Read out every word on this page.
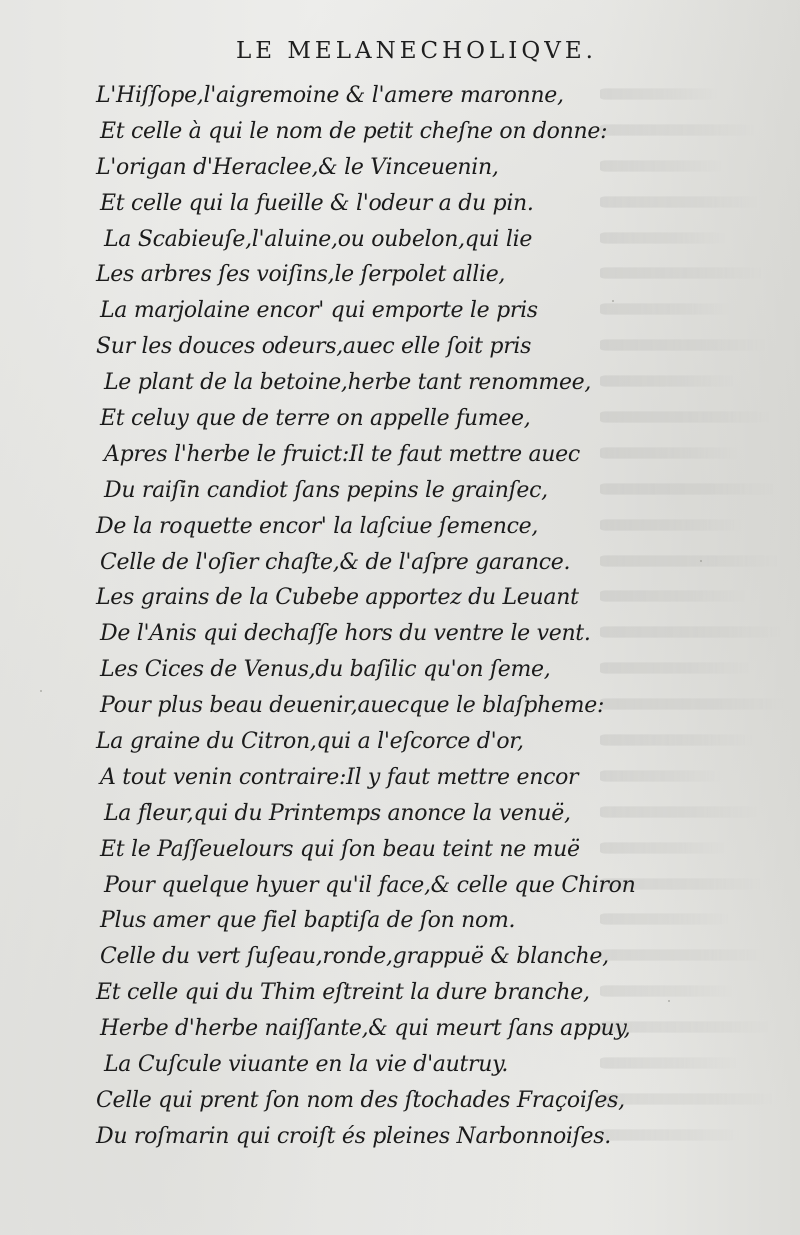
LE MELANECHOLIQVE.
L'Hiſſope,l'aigremoine & l'amere maronne,
Et celle à qui le nom de petit cheſne on donne:
L'origan d'Heraclee,& le Vinceuenin,
Et celle qui la fueille & l'odeur a du pin.
La Scabieuſe,l'aluine,ou oubelon,qui lie
Les arbres ſes voiſins,le ſerpolet allie,
La marjolaine encor' qui emporte le pris
Sur les douces odeurs,auec elle ſoit pris
Le plant de la betoine,herbe tant renommee,
Et celuy que de terre on appelle fumee,
Apres l'herbe le fruict:Il te faut mettre auec
Du raiſin candiot ſans pepins le grainſec,
De la roquette encor' la laſciue ſemence,
Celle de l'oſier chaſte,& de l'aſpre garance.
Les grains de la Cubebe apportez du Leuant
De l'Anis qui dechaſſe hors du ventre le vent.
Les Cices de Venus,du baſilic qu'on ſeme,
Pour plus beau deuenir,auecque le blaſpheme:
La graine du Citron,qui a l'eſcorce d'or,
A tout venin contraire:Il y faut mettre encor
La fleur,qui du Printemps anonce la venuë,
Et le Paſſeuelours qui ſon beau teint ne muë
Pour quelque hyuer qu'il face,& celle que Chiron
Plus amer que fiel baptiſa de ſon nom.
Celle du vert ſuſeau,ronde,grappuë & blanche,
Et celle qui du Thim eſtreint la dure branche,
Herbe d'herbe naiſſante,& qui meurt ſans appuy,
La Cuſcule viuante en la vie d'autruy.
Celle qui prent ſon nom des ſtochades Fraçoiſes,
Du roſmarin qui croiſt és pleines Narbonnoiſes.
